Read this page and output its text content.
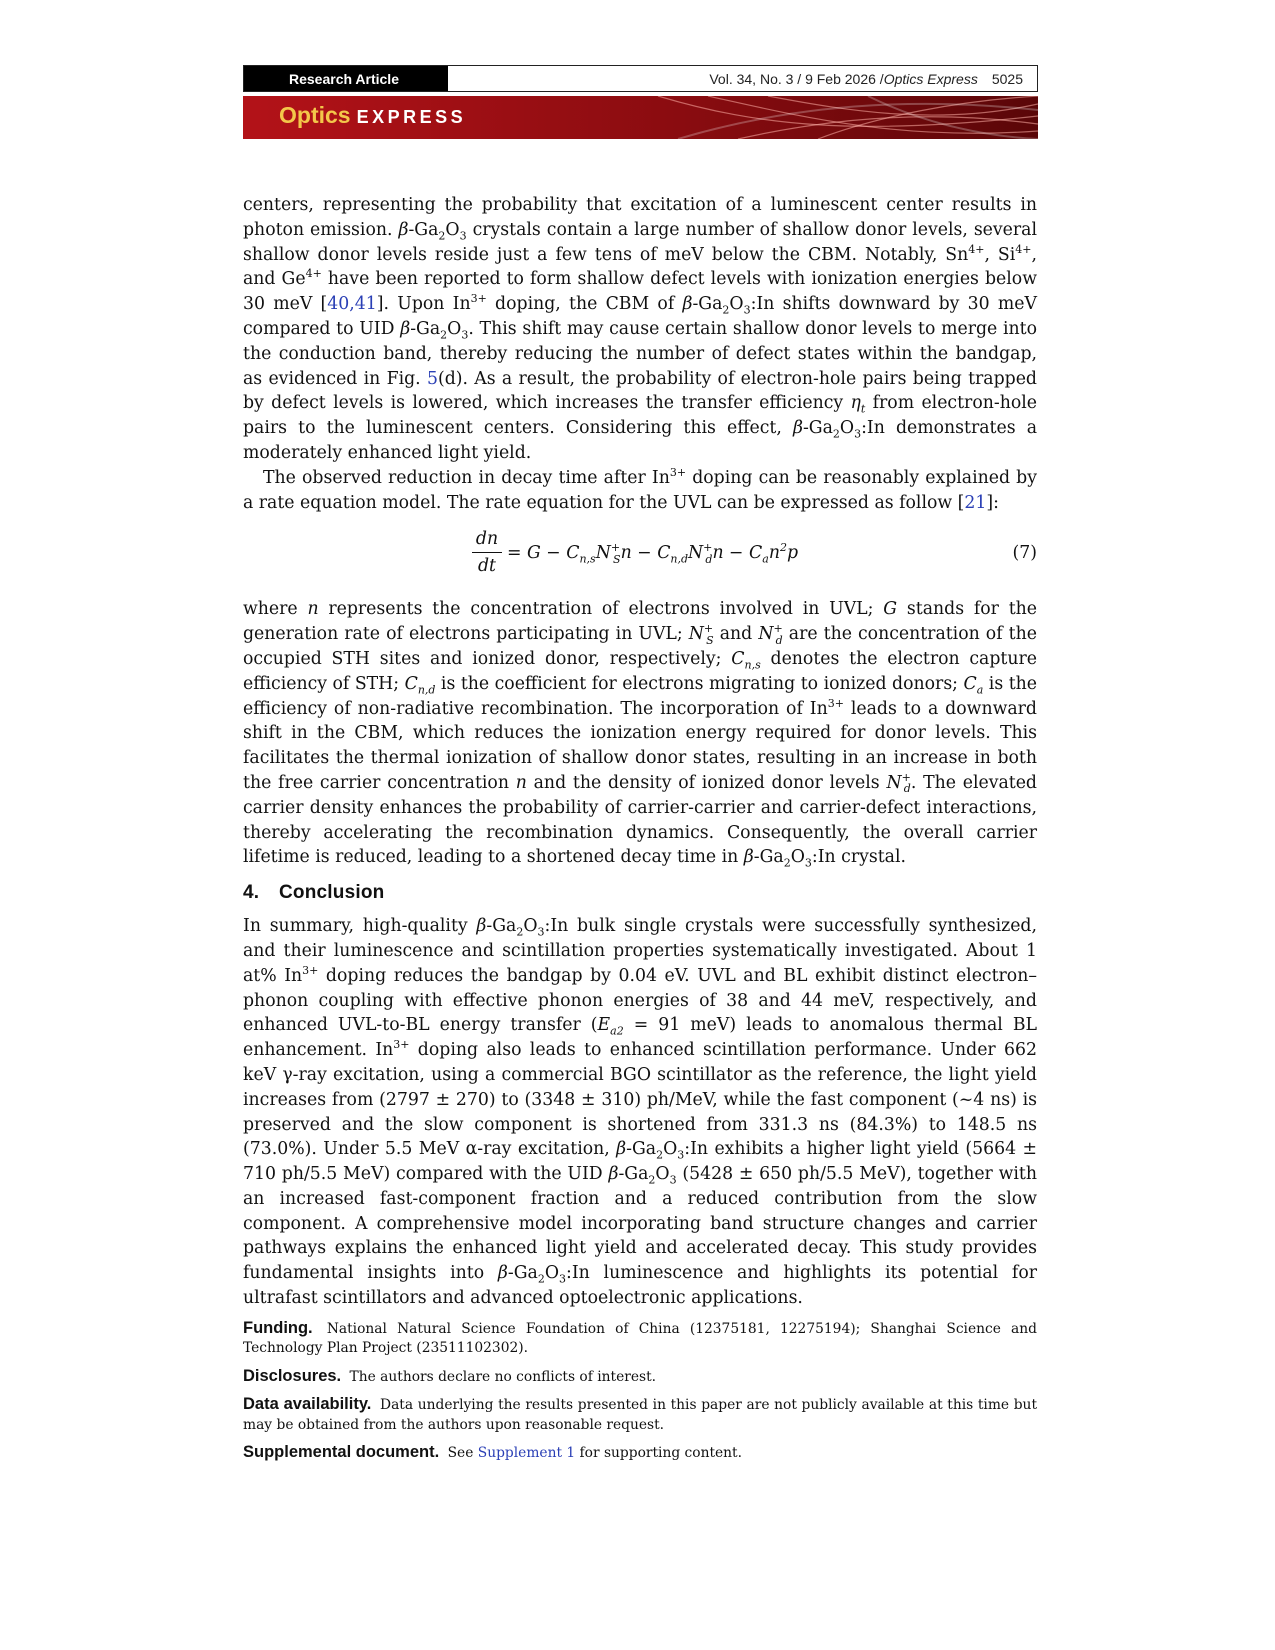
Research Article	Vol. 34, No. 3 / 9 Feb 2026 / Optics Express 5025
Optics EXPRESS

centers, representing the probability that excitation of a luminescent center results in photon emission. $\beta-Ga_2O_3$ crystals contain a large number of shallow donor levels, several shallow donor levels reside just a few tens of meV below the CBM. Notably, $Sn^{4+}$, $Si^{4+}$, and $Ge^{4+}$ have been reported to form shallow defect levels with ionization energies below 30 meV [40,41]. Upon $In^{3+}$ doping, the CBM of $\beta-Ga_2O_3:In$ shifts downward by 30 meV compared to UID $\beta-Ga_2O_3$. This shift may cause certain shallow donor levels to merge into the conduction band, thereby reducing the number of defect states within the bandgap, as evidenced in Fig. 5(d). As a result, the probability of electron-hole pairs being trapped by defect levels is lowered, which increases the transfer efficiency $\eta_t$ from electron-hole pairs to the luminescent centers. Considering this effect, $\beta-Ga_2O_3:In$ demonstrates a moderately enhanced light yield.

The observed reduction in decay time after $In^{3+}$ doping can be reasonably explained by a rate equation model. The rate equation for the UVL can be expressed as follow [21]:

$\frac{dn}{dt} = G - C_{n,s}N^+_Sn - C_{n,d}N^+_dn - C_an^2p$	(7)

where n represents the concentration of electrons involved in UVL; G stands for the generation rate of electrons participating in UVL; $N^+_S$ and $N^+_d$ are the concentration of the occupied STH sites and ionized donor, respectively; $C_{n,s}$ denotes the electron capture efficiency of STH; $C_{n,d}$ is the coefficient for electrons migrating to ionized donors; $C_a$ is the efficiency of non-radiative recombination. The incorporation of $In^{3+}$ leads to a downward shift in the CBM, which reduces the ionization energy required for donor levels. This facilitates the thermal ionization of shallow donor states, resulting in an increase in both the free carrier concentration n and the density of ionized donor levels $N^+_d$. The elevated carrier density enhances the probability of carrier-carrier and carrier-defect interactions, thereby accelerating the recombination dynamics. Consequently, the overall carrier lifetime is reduced, leading to a shortened decay time in $\beta-Ga_2O_3:In$ crystal.

4. Conclusion

In summary, high-quality $\beta-Ga_2O_3:In$ bulk single crystals were successfully synthesized, and their luminescence and scintillation properties systematically investigated. About 1 at% $In^{3+}$ doping reduces the bandgap by 0.04 eV. UVL and BL exhibit distinct electron–phonon coupling with effective phonon energies of 38 and 44 meV, respectively, and enhanced UVL-to-BL energy transfer ($E_{a2} = 91$ meV) leads to anomalous thermal BL enhancement. $In^{3+}$ doping also leads to enhanced scintillation performance. Under 662 keV γ-ray excitation, using a commercial BGO scintillator as the reference, the light yield increases from (2797 ± 270) to (3348 ± 310) ph/MeV, while the fast component (~4 ns) is preserved and the slow component is shortened from 331.3 ns (84.3%) to 148.5 ns (73.0%). Under 5.5 MeV α-ray excitation, $\beta-Ga_2O_3:In$ exhibits a higher light yield (5664 ± 710 ph/5.5 MeV) compared with the UID $\beta-Ga_2O_3$ (5428 ± 650 ph/5.5 MeV), together with an increased fast-component fraction and a reduced contribution from the slow component. A comprehensive model incorporating band structure changes and carrier pathways explains the enhanced light yield and accelerated decay. This study provides fundamental insights into $\beta-Ga_2O_3:In$ luminescence and highlights its potential for ultrafast scintillators and advanced optoelectronic applications.

Funding. National Natural Science Foundation of China (12375181, 12275194); Shanghai Science and Technology Plan Project (23511102302).

Disclosures. The authors declare no conflicts of interest.

Data availability. Data underlying the results presented in this paper are not publicly available at this time but may be obtained from the authors upon reasonable request.

Supplemental document. See Supplement 1 for supporting content.
